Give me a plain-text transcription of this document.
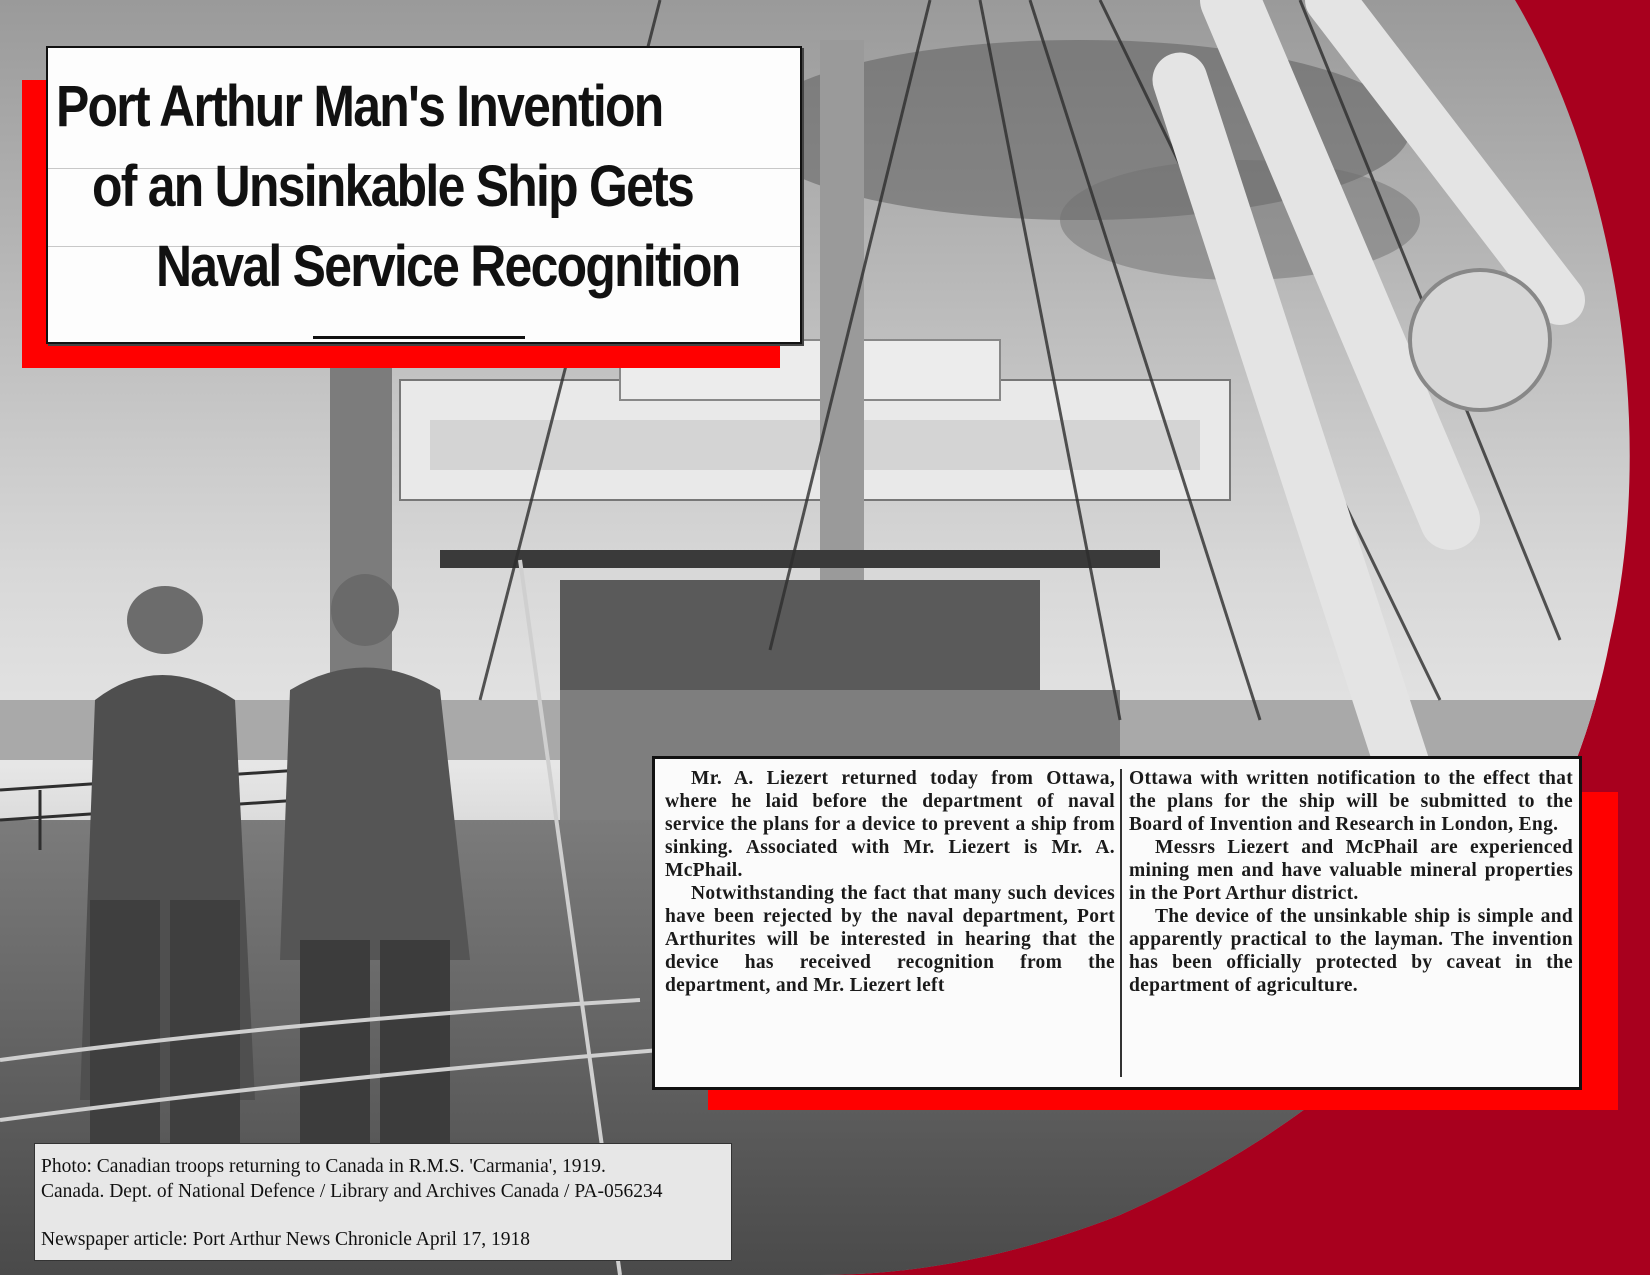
Port Arthur Man's Invention
of an Unsinkable Ship Gets
Naval Service Recognition

Mr. A. Liezert returned today from Ottawa, where he laid before the department of naval service the plans for a device to prevent a ship from sinking. Associated with Mr. Liezert is Mr. A. McPhail.

Notwithstanding the fact that many such devices have been rejected by the naval department, Port Arthurites will be interested in hearing that the device has received recognition from the department, and Mr. Liezert left

Ottawa with written notification to the effect that the plans for the ship will be submitted to the Board of Invention and Research in London, Eng.

Messrs Liezert and McPhail are experienced mining men and have valuable mineral properties in the Port Arthur district.

The device of the unsinkable ship is simple and apparently practical to the layman. The invention has been officially protected by caveat in the department of agriculture.

Photo: Canadian troops returning to Canada in R.M.S. 'Carmania', 1919.
Canada. Dept. of National Defence / Library and Archives Canada / PA-056234
Newspaper article: Port Arthur News Chronicle April 17, 1918
